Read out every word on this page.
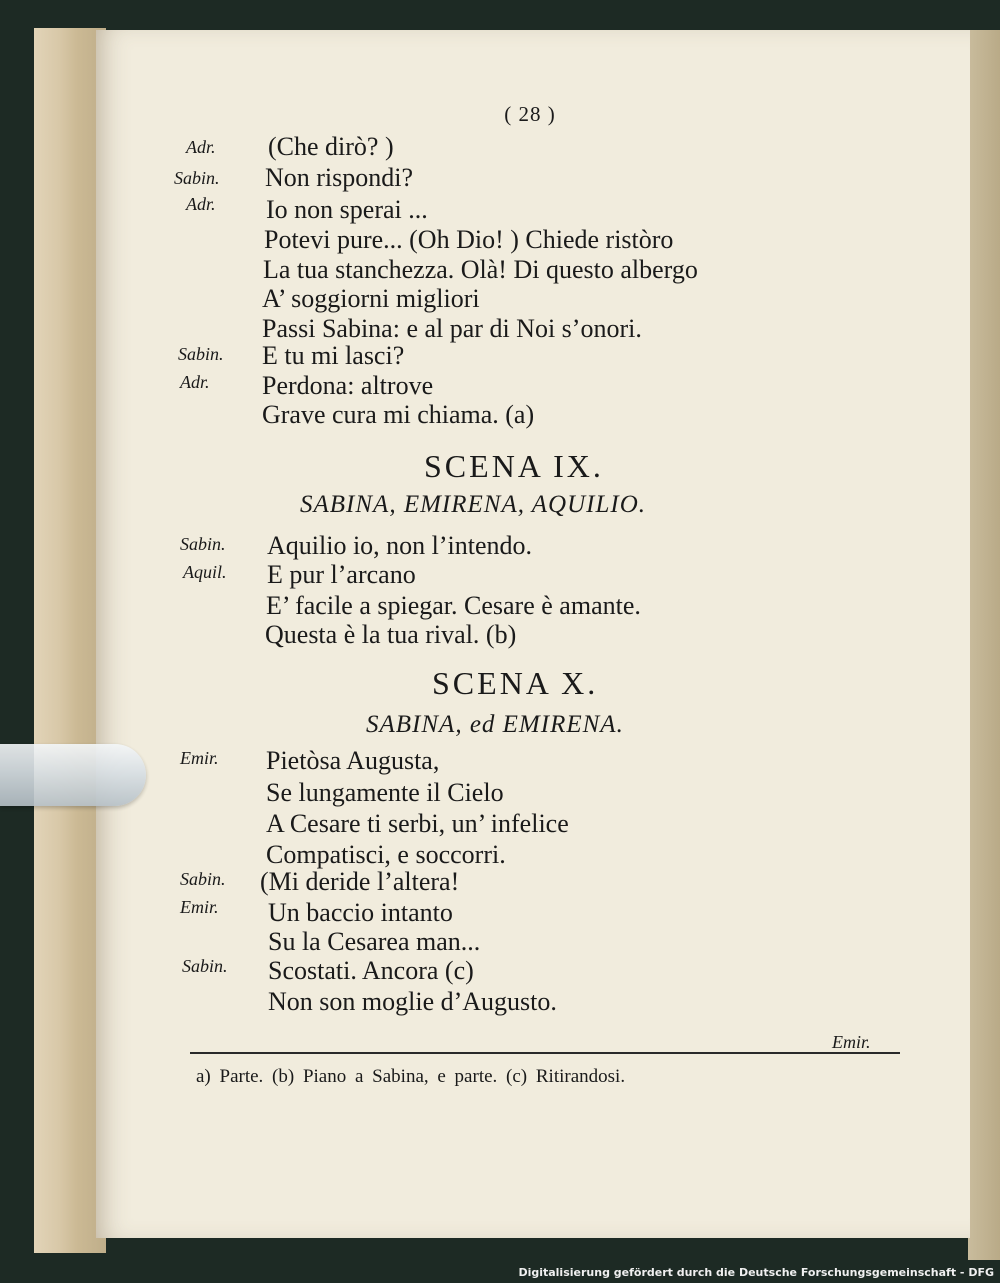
( 28 )
Adr. (Che dirò? )
Sabin. Non rispondi?
Adr. Io non sperai ...
Potevi pure... (Oh Dio! ) Chiede ristòro
La tua stanchezza. Olà! Di questo albergo
A’ soggiorni migliori
Passi Sabina: e al par di Noi s’onori.
Sabin. E tu mi lasci?
Adr. Perdona: altrove
Grave cura mi chiama. (a)
SCENA IX.
SABINA, EMIRENA, AQUILIO.
Sabin. Aquilio io, non l’intendo.
Aquil. E pur l’arcano
E’ facile a spiegar. Cesare è amante.
Questa è la tua rival. (b)
SCENA X.
SABINA, ed EMIRENA.
Emir. Pietòsa Augusta,
Se lungamente il Cielo
A Cesare ti serbi, un’ infelice
Compatisci, e soccorri.
Sabin. (Mi deride l’altera!
Emir. Un baccio intanto
Su la Cesarea man...
Sabin. Scostati. Ancora (c)
Non son moglie d’Augusto.
Emir.
a) Parte. (b) Piano a Sabina, e parte. (c) Ritirandosi.
Digitalisierung gefördert durch die Deutsche Forschungsgemeinschaft - DFG
